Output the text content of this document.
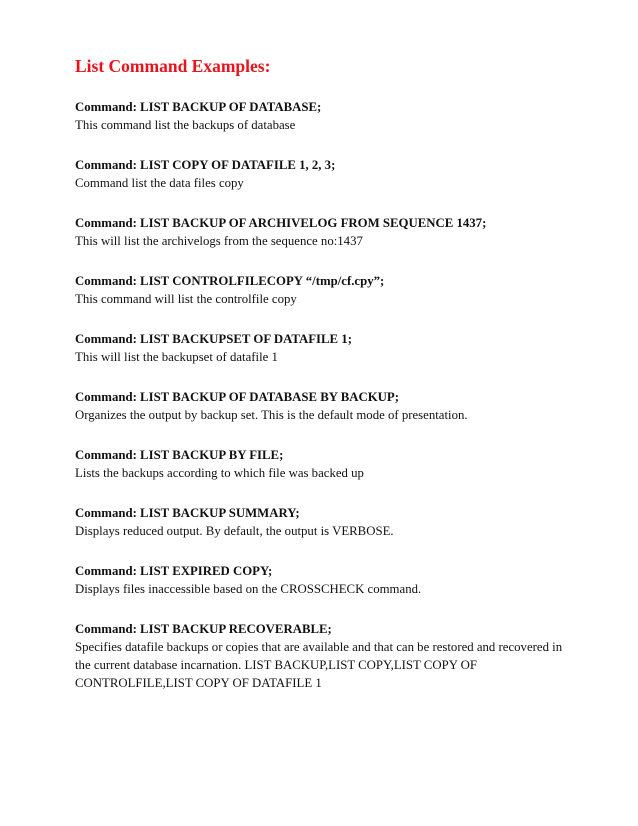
List Command Examples:
Command: LIST BACKUP OF DATABASE;
This command list the backups of database
Command: LIST COPY OF DATAFILE 1, 2, 3;
Command list the data files copy
Command: LIST BACKUP OF ARCHIVELOG FROM SEQUENCE 1437;
This will list the archivelogs from the sequence no:1437
Command: LIST CONTROLFILECOPY “/tmp/cf.cpy”;
This command will list the controlfile copy
Command: LIST BACKUPSET OF DATAFILE 1;
This will list the backupset of datafile 1
Command: LIST BACKUP OF DATABASE BY BACKUP;
Organizes the output by backup set. This is the default mode of presentation.
Command: LIST BACKUP BY FILE;
Lists the backups according to which file was backed up
Command: LIST BACKUP SUMMARY;
Displays reduced output. By default, the output is VERBOSE.
Command: LIST EXPIRED COPY;
Displays files inaccessible based on the CROSSCHECK command.
Command: LIST BACKUP RECOVERABLE;
Specifies datafile backups or copies that are available and that can be restored and recovered in
the current database incarnation. LIST BACKUP,LIST COPY,LIST COPY OF
CONTROLFILE,LIST COPY OF DATAFILE 1
